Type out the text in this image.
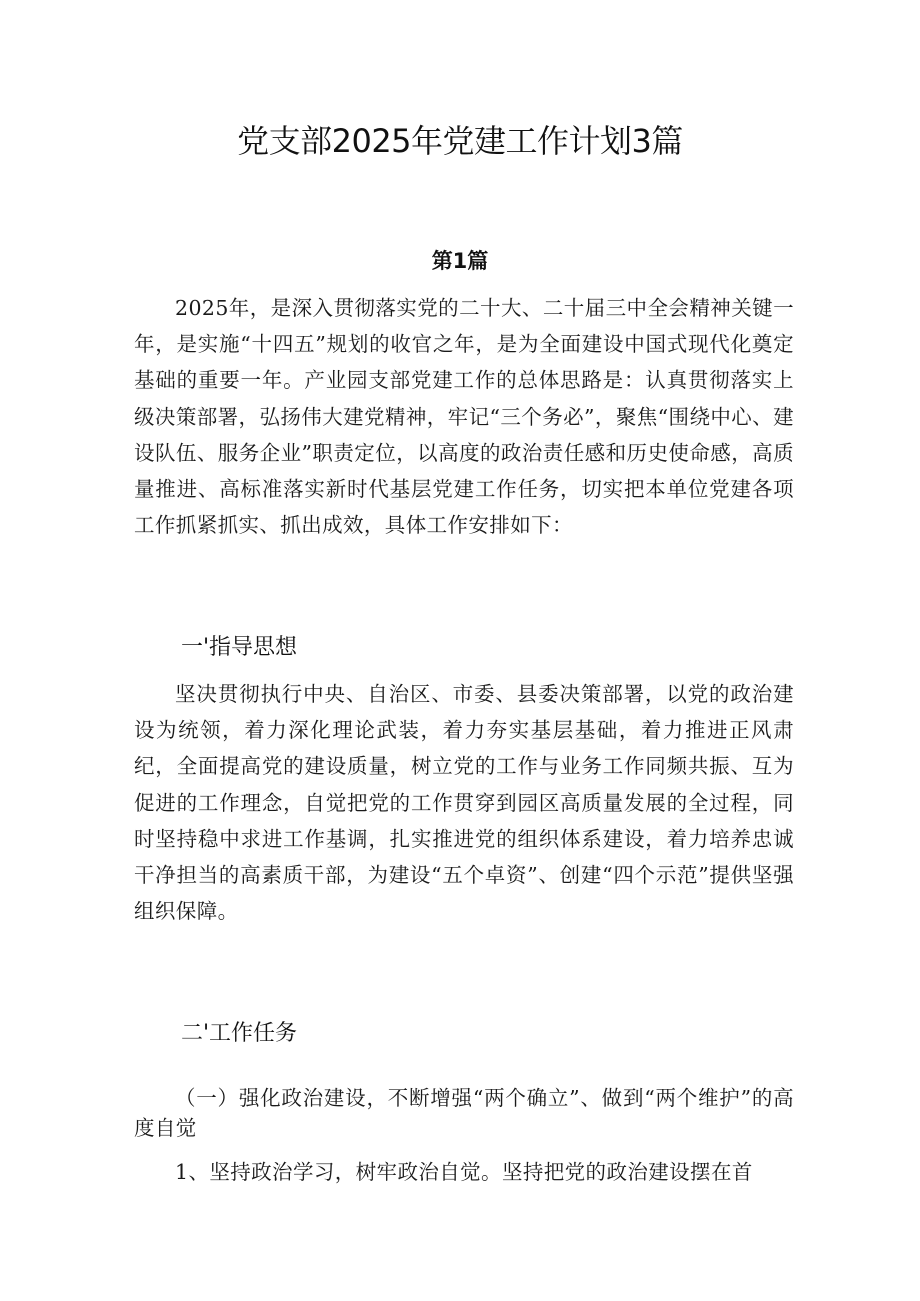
党支部2025年党建工作计划3篇
第1篇

2025年，是深入贯彻落实党的二十大、二十届三中全会精神关键一年，是实施“十四五”规划的收官之年，是为全面建设中国式现代化奠定基础的重要一年。产业园支部党建工作的总体思路是：认真贯彻落实上级决策部署，弘扬伟大建党精神，牢记“三个务必”，聚焦“围绕中心、建设队伍、服务企业”职责定位，以高度的政治责任感和历史使命感，高质量推进、高标准落实新时代基层党建工作任务，切实把本单位党建各项工作抓紧抓实、抓出成效，具体工作安排如下：

一'指导思想

坚决贯彻执行中央、自治区、市委、县委决策部署，以党的政治建设为统领，着力深化理论武装，着力夯实基层基础，着力推进正风肃纪，全面提高党的建设质量，树立党的工作与业务工作同频共振、互为促进的工作理念，自觉把党的工作贯穿到园区高质量发展的全过程，同时坚持稳中求进工作基调，扎实推进党的组织体系建设，着力培养忠诚干净担当的高素质干部，为建设“五个卓资”、创建“四个示范”提供坚强组织保障。

二'工作任务

（一）强化政治建设，不断增强“两个确立”、做到“两个维护”的高度自觉

1、坚持政治学习，树牢政治自觉。坚持把党的政治建设摆在首
